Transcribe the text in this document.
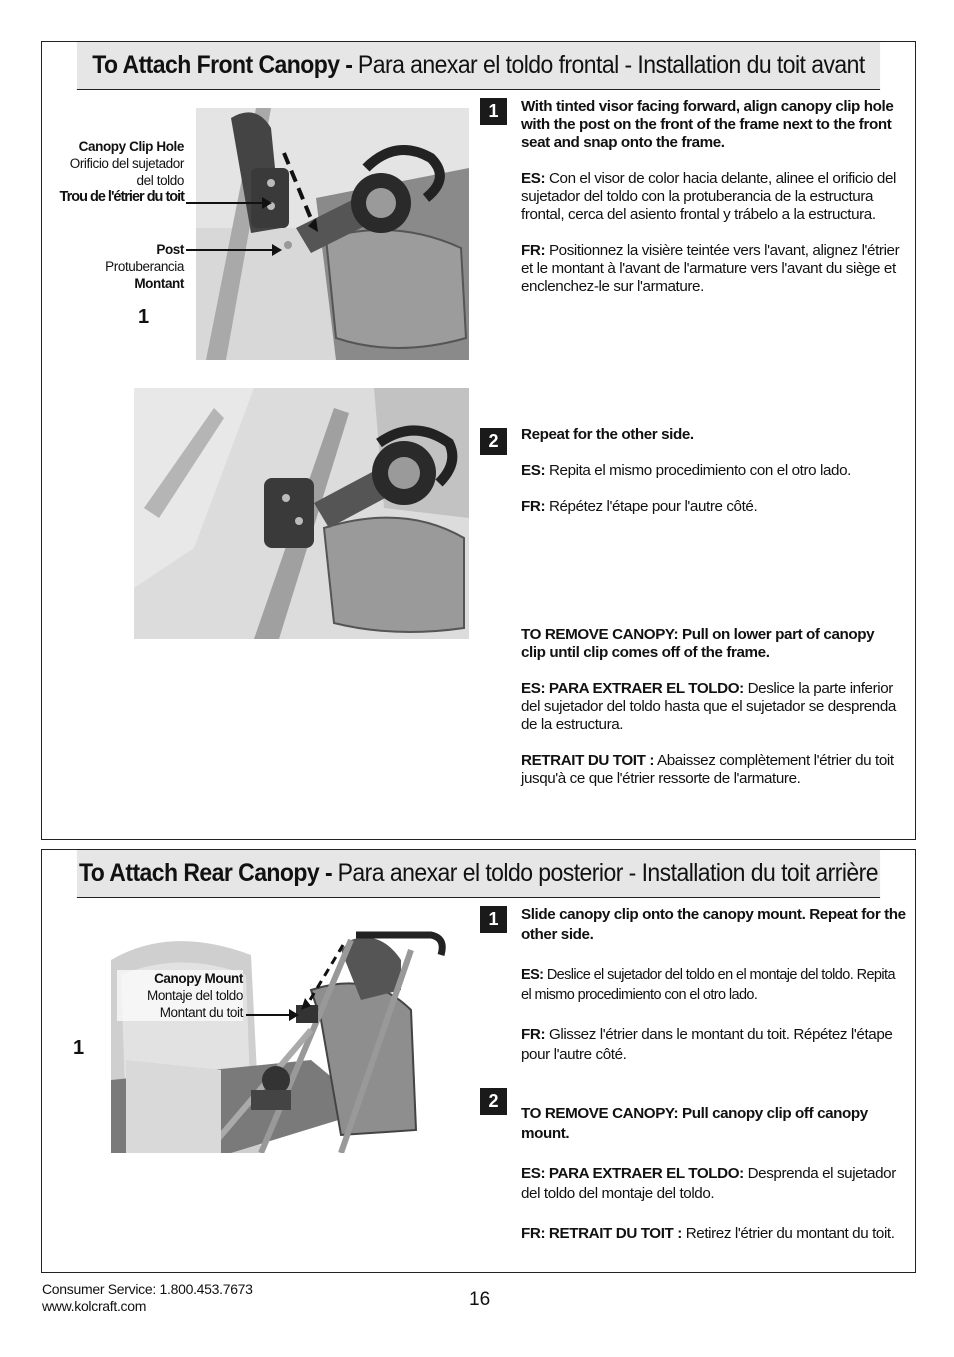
To Attach Front Canopy - Para anexar el toldo frontal - Installation du toit avant
Canopy Clip Hole
Orificio del sujetador
del toldo
Trou de l'étrier du toit
Post
Protuberancia
Montant
1
1	With tinted visor facing forward, align canopy clip hole with the post on the front of the frame next to the front seat and snap onto the frame.

ES: Con el visor de color hacia delante, alinee el orificio del sujetador del toldo con la protuberancia de la estructura frontal, cerca del asiento frontal y trábelo a la estructura.

FR: Positionnez la visière teintée vers l'avant, alignez l'étrier et le montant à l'avant de l'armature vers l'avant du siège et enclenchez-le sur l'armature.

2	Repeat for the other side.

ES: Repita el mismo procedimiento con el otro lado.

FR: Répétez l'étape pour l'autre côté.

TO REMOVE CANOPY: Pull on lower part of canopy clip until clip comes off of the frame.

ES: PARA EXTRAER EL TOLDO: Deslice la parte inferior del sujetador del toldo hasta que el sujetador se desprenda de la estructura.

RETRAIT DU TOIT : Abaissez complètement l'étrier du toit jusqu'à ce que l'étrier ressorte de l'armature.

To Attach Rear Canopy - Para anexar el toldo posterior - Installation du toit arrière
Canopy Mount
Montaje del toldo
Montant du toit
1
1	Slide canopy clip onto the canopy mount. Repeat for the other side.

ES: Deslice el sujetador del toldo en el montaje del toldo. Repita el mismo procedimiento con el otro lado.

FR: Glissez l'étrier dans le montant du toit. Répétez l'étape pour l'autre côté.

2

TO REMOVE CANOPY: Pull canopy clip off canopy mount.

ES: PARA EXTRAER EL TOLDO: Desprenda el sujetador del toldo del montaje del toldo.

FR: RETRAIT DU TOIT : Retirez l'étrier du montant du toit.

Consumer Service: 1.800.453.7673
www.kolcraft.com	16
